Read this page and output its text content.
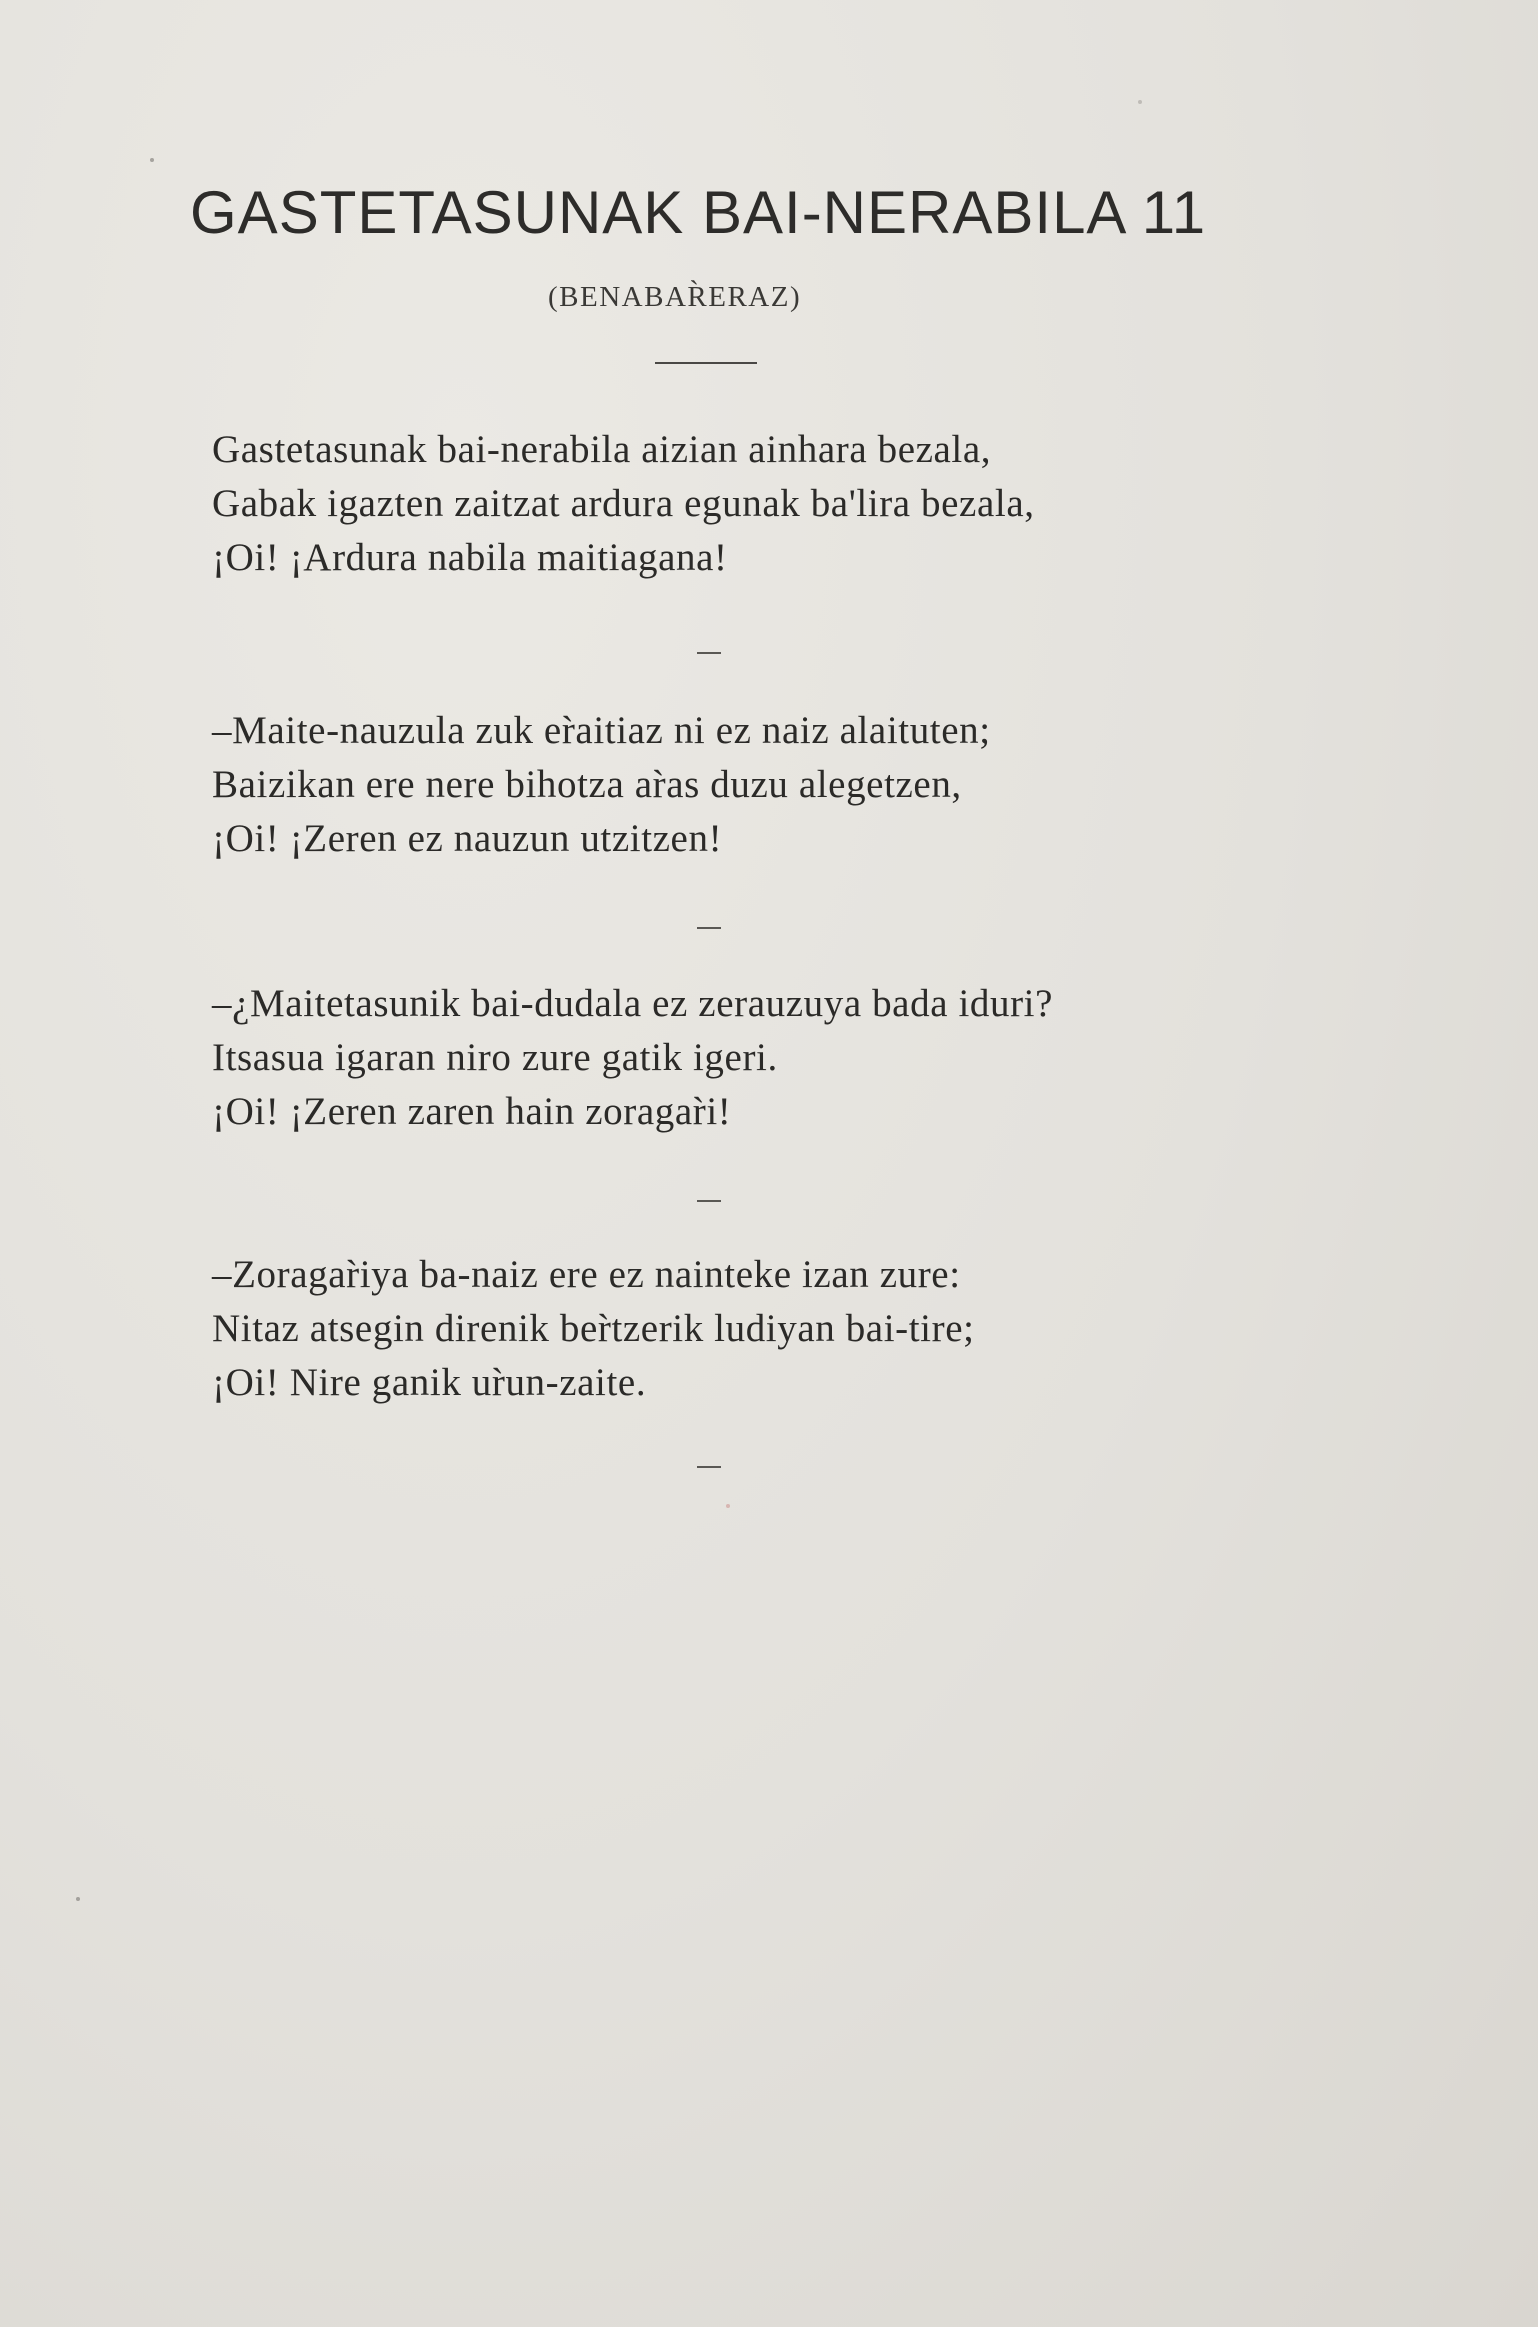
GASTETASUNAK BAI-NERABILA 11
(BENABAR̀ERAZ)
Gastetasunak bai-nerabila aizian ainhara bezala,
Gabak igazten zaitzat ardura egunak ba'lira bezala,
¡Oi! ¡Ardura nabila maitiagana!
–Maite-nauzula zuk er̀aitiaz ni ez naiz alaituten;
Baizikan ere nere bihotza ar̀as duzu alegetzen,
¡Oi! ¡Zeren ez nauzun utzitzen!
–¿Maitetasunik bai-dudala ez zerauzuya bada iduri?
Itsasua igaran niro zure gatik igeri.
¡Oi! ¡Zeren zaren hain zoragar̀i!
–Zoragar̀iya ba-naiz ere ez nainteke izan zure:
Nitaz atsegin direnik ber̀tzerik ludiyan bai-tire;
¡Oi! Nire ganik ur̀un-zaite.
